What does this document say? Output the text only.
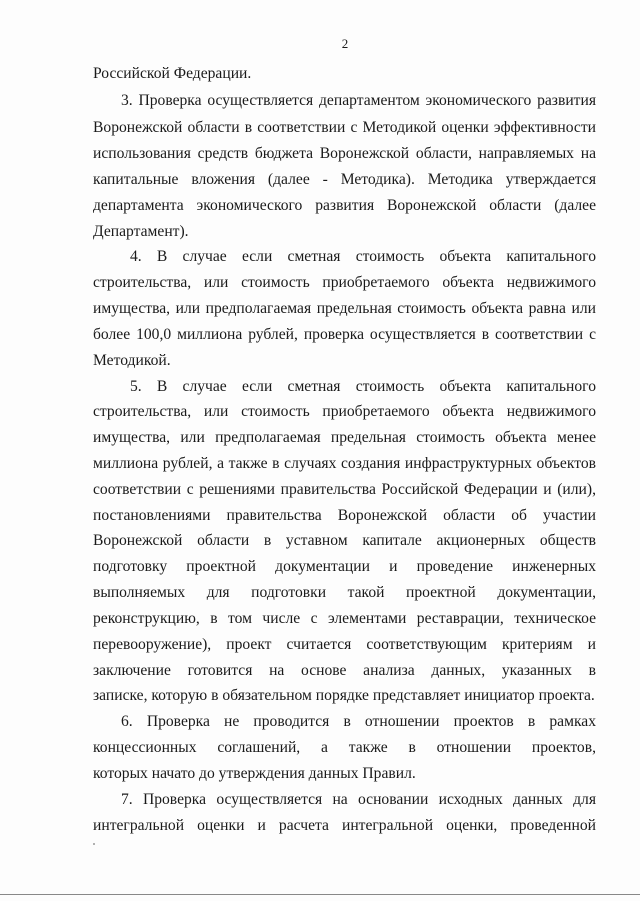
2
Российской Федерации.
3. Проверка осуществляется департаментом экономического развития
Воронежской области в соответствии с Методикой оценки эффективности
использования средств бюджета Воронежской области, направляемых на
капитальные вложения (далее - Методика). Методика утверждается
департамента экономического развития Воронежской области (далее
Департамент).
4. В случае если сметная стоимость объекта капитального
строительства, или стоимость приобретаемого объекта недвижимого
имущества, или предполагаемая предельная стоимость объекта равна или
более 100,0 миллиона рублей, проверка осуществляется в соответствии с
Методикой.
5. В случае если сметная стоимость объекта капитального
строительства, или стоимость приобретаемого объекта недвижимого
имущества, или предполагаемая предельная стоимость объекта менее
миллиона рублей, а также в случаях создания инфраструктурных объектов
соответствии с решениями правительства Российской Федерации и (или),
постановлениями правительства Воронежской области об участии
Воронежской области в уставном капитале акционерных обществ
подготовку проектной документации и проведение инженерных
выполняемых для подготовки такой проектной документации,
реконструкцию, в том числе с элементами реставрации, техническое
перевооружение), проект считается соответствующим критериям и
заключение готовится на основе анализа данных, указанных в
записке, которую в обязательном порядке представляет инициатор проекта.
6. Проверка не проводится в отношении проектов в рамках
концессионных соглашений, а также в отношении проектов,
которых начато до утверждения данных Правил.
7. Проверка осуществляется на основании исходных данных для
интегральной оценки и расчета интегральной оценки, проведенной
